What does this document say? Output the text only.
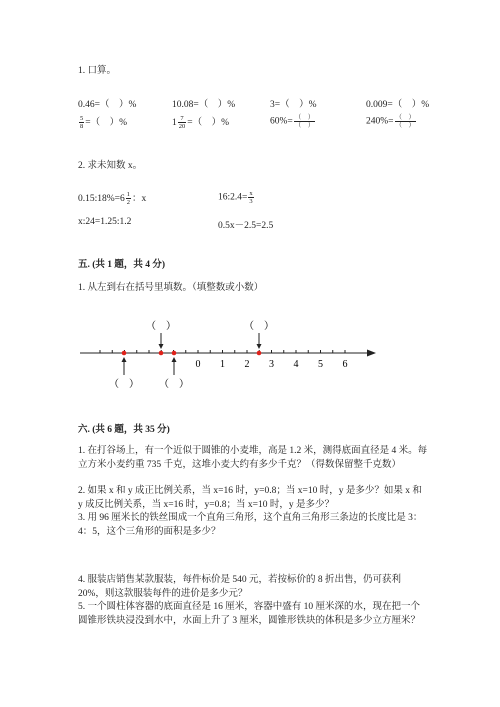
1. 口算。
0.46=（　）%	10.08=（　）%	3=（　）%	0.009=（　）%
$\frac{5}{8}$ =（　）%	$1 \frac{7}{20}$ =（　）%	$60\%= \frac{( )}{( )}$	$240\%= \frac{( )}{( )}$
2. 求未知数 x。
0.15:18%=6 $\frac{1}{2}$ ：x	16:2.4= $\frac{x}{3}$
x:24=1.25:1.2	0.5x－2.5=2.5
五. (共 1 题，共 4 分)
1. 从左到右在括号里填数。（填整数或小数）
0 1 2 3 4 5 6
（　）	（　）
（　） （　）
六. (共 6 题，共 35 分)
1. 在打谷场上，有一个近似于圆锥的小麦堆，高是 1.2 米，测得底面直径是 4 米。每立方米小麦约重 735 千克，这堆小麦大约有多少千克？（得数保留整千克数）
2. 如果 x 和 y 成正比例关系，当 x=16 时，y=0.8；当 x=10 时，y 是多少？如果 x 和 y 成反比例关系，当 x=16 时，y=0.8；当 x=10 时，y 是多少？
3. 用 96 厘米长的铁丝围成一个直角三角形，这个直角三角形三条边的长度比是 3：4：5，这个三角形的面积是多少？
4. 服装店销售某款服装，每件标价是 540 元，若按标价的 8 折出售，仍可获利 20%，则这款服装每件的进价是多少元？
5. 一个圆柱体容器的底面直径是 16 厘米，容器中盛有 10 厘米深的水，现在把一个圆锥形铁块浸没到水中，水面上升了 3 厘米，圆锥形铁块的体积是多少立方厘米？
